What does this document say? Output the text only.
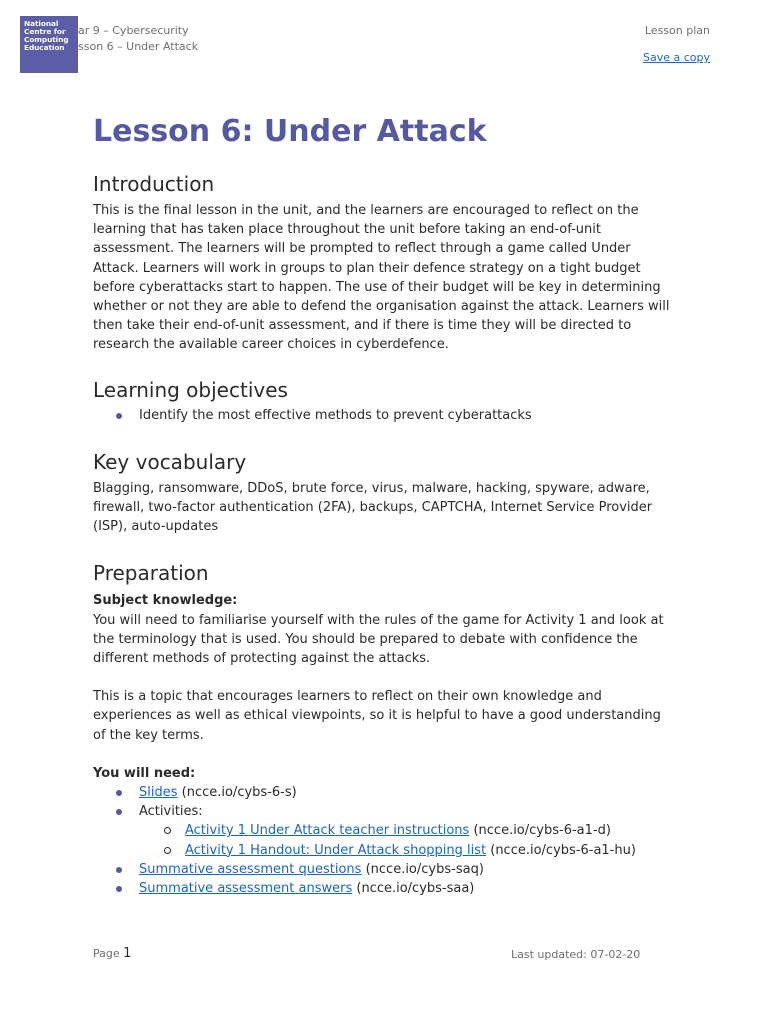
National
Centre for
Computing
Education
ar 9 – Cybersecurity
sson 6 – Under Attack
Lesson plan
Save a copy
Lesson 6: Under Attack
Introduction

This is the final lesson in the unit, and the learners are encouraged to reflect on the learning that has taken place throughout the unit before taking an end-of-unit assessment. The learners will be prompted to reflect through a game called Under Attack. Learners will work in groups to plan their defence strategy on a tight budget before cyberattacks start to happen. The use of their budget will be key in determining whether or not they are able to defend the organisation against the attack. Learners will then take their end-of-unit assessment, and if there is time they will be directed to research the available career choices in cyberdefence.

Learning objectives
Identify the most effective methods to prevent cyberattacks
Key vocabulary

Blagging, ransomware, DDoS, brute force, virus, malware, hacking, spyware, adware, firewall, two-factor authentication (2FA), backups, CAPTCHA, Internet Service Provider (ISP), auto-updates

Preparation

Subject knowledge:

You will need to familiarise yourself with the rules of the game for Activity 1 and look at the terminology that is used. You should be prepared to debate with confidence the different methods of protecting against the attacks.

This is a topic that encourages learners to reflect on their own knowledge and experiences as well as ethical viewpoints, so it is helpful to have a good understanding of the key terms.

You will need:

Slides (ncce.io/cybs-6-s)
Activities:
Activity 1 Under Attack teacher instructions (ncce.io/cybs-6-a1-d)
Activity 1 Handout: Under Attack shopping list (ncce.io/cybs-6-a1-hu)
Summative assessment questions (ncce.io/cybs-saq)
Summative assessment answers (ncce.io/cybs-saa)
Page 1	Last updated: 07-02-20
